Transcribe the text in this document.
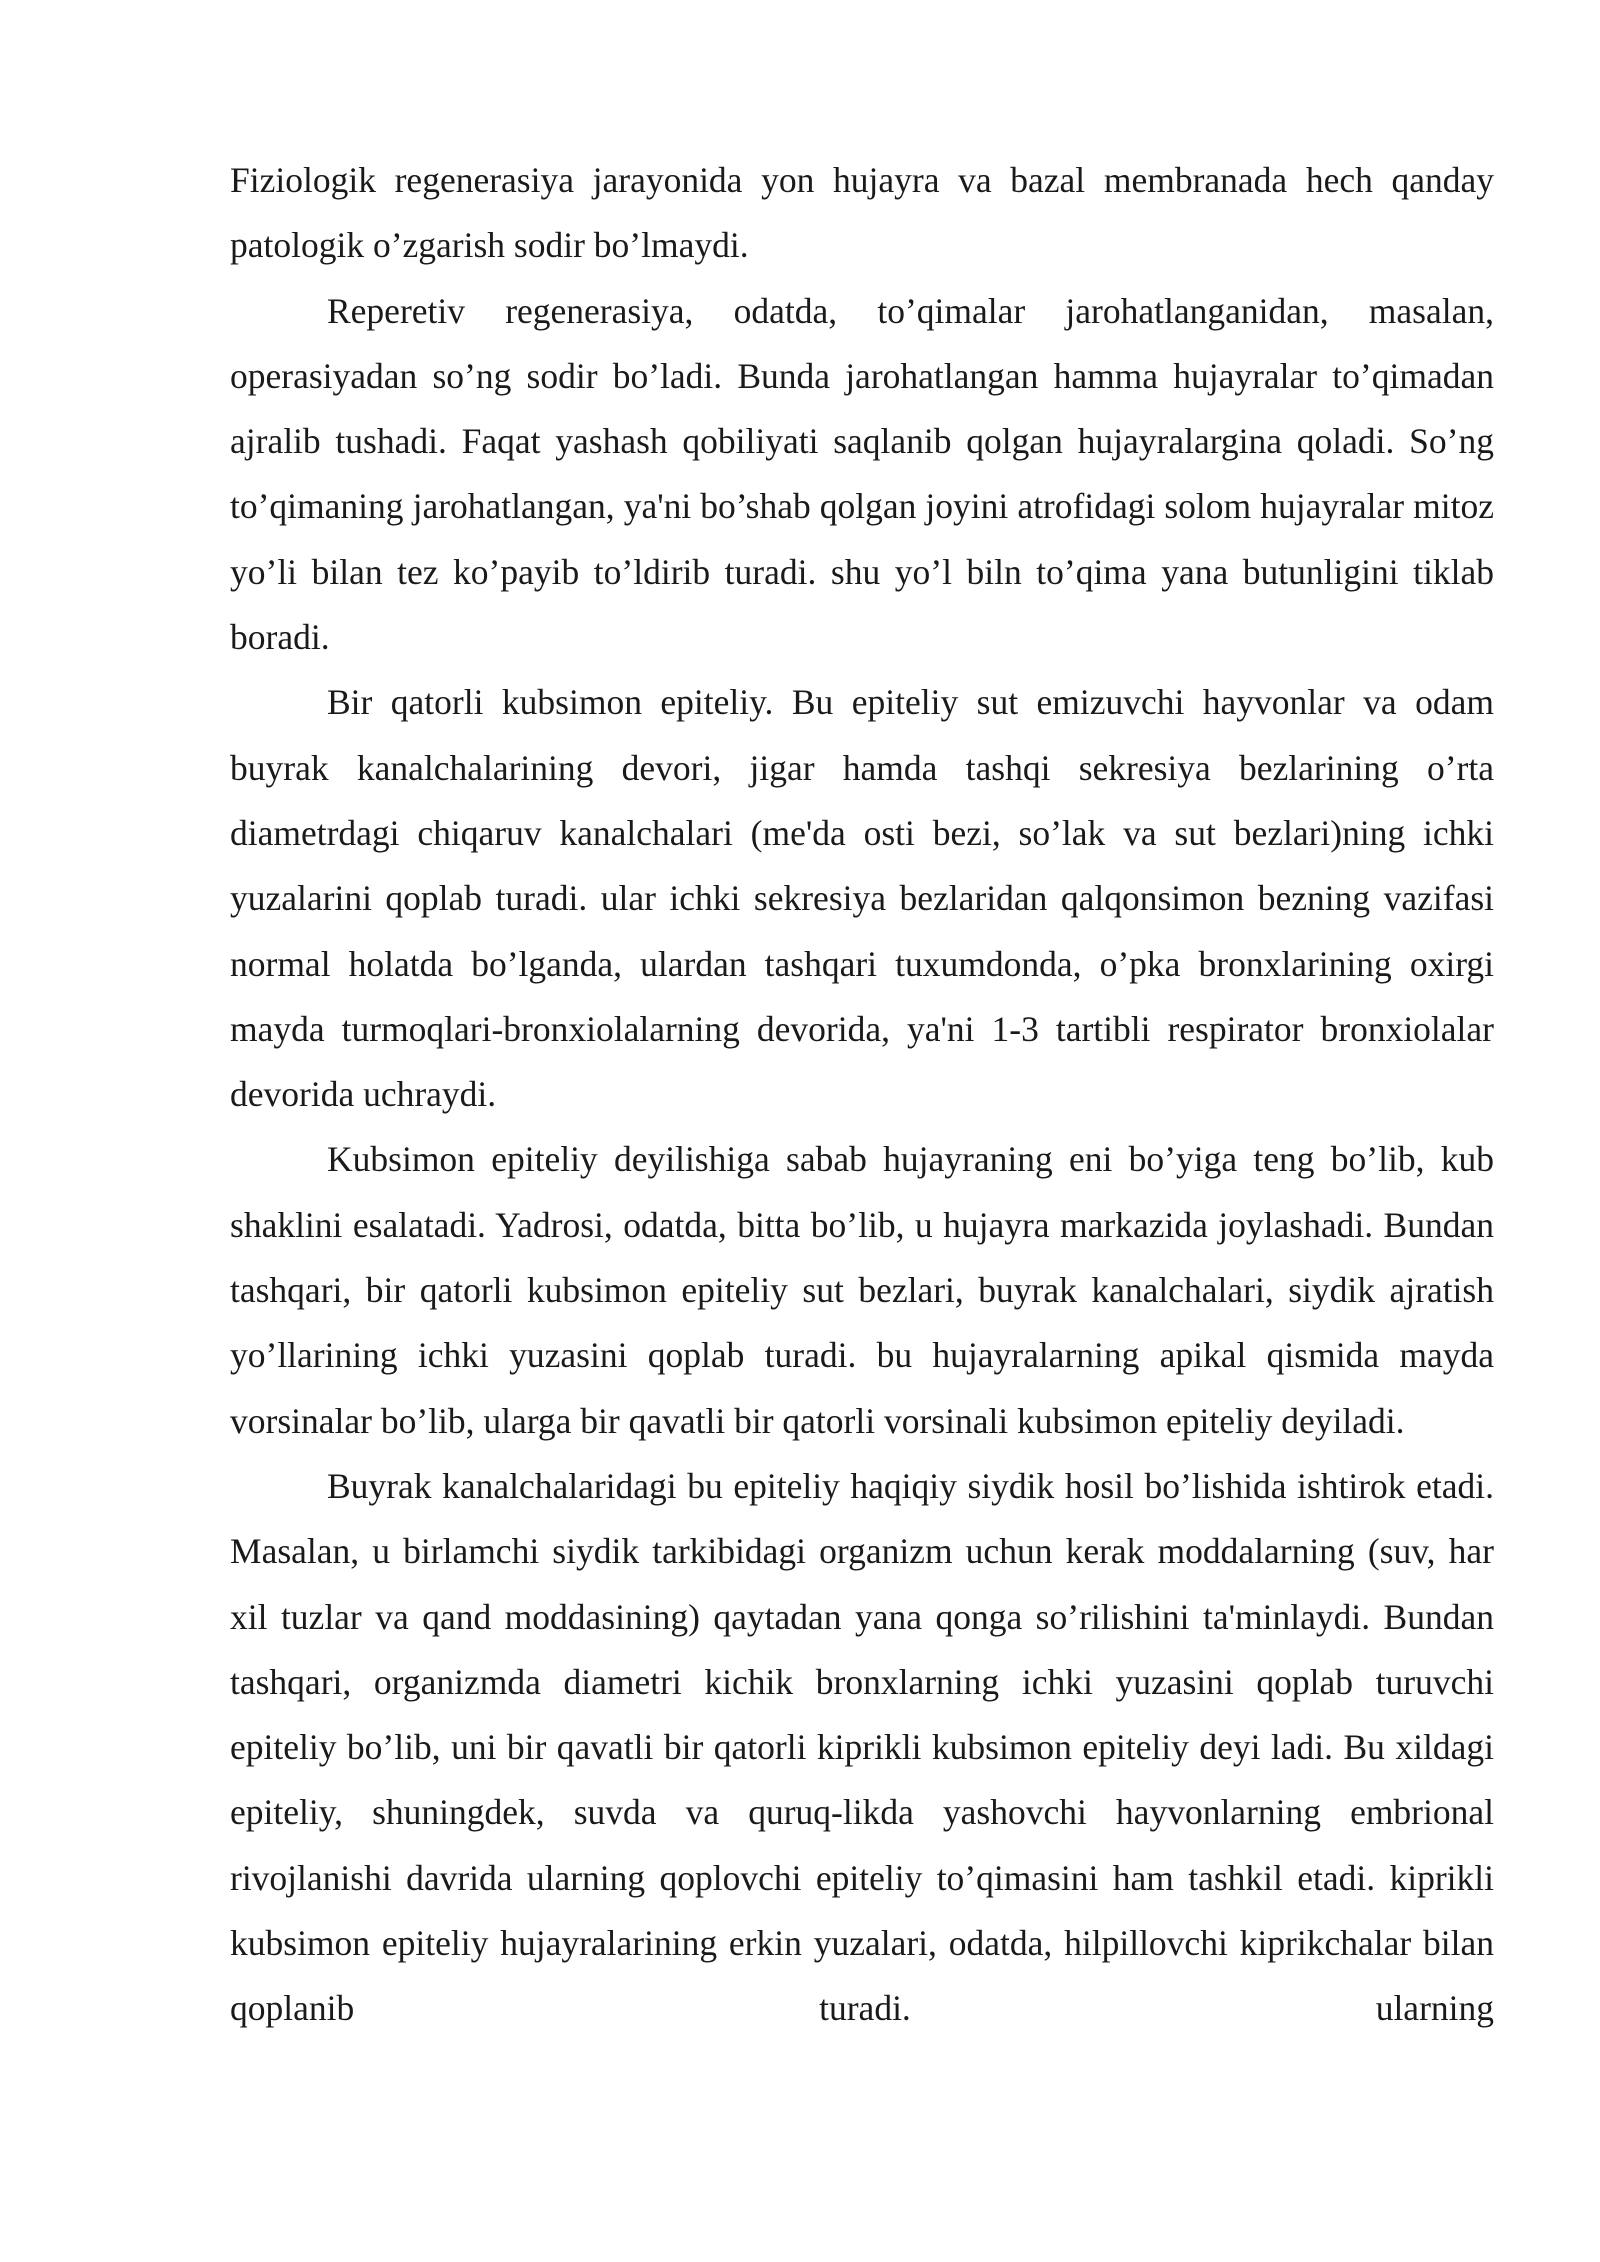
Fiziologik regenerasiya jarayonida yon hujayra va bazal membranada hech qanday patologik o’zgarish sodir bo’lmaydi.

Reperetiv regenerasiya, odatda, to’qimalar jarohatlanganidan, masalan, operasiyadan so’ng sodir bo’ladi. Bunda jarohatlangan hamma hujayralar to’qimadan ajralib tushadi. Faqat yashash qobiliyati saqlanib qolgan hujayralargina qoladi. So’ng to’qimaning jarohatlangan, ya'ni bo’shab qolgan joyini atrofidagi solom hujayralar mitoz yo’li bilan tez ko’payib to’ldirib turadi. shu yo’l biln to’qima yana butunligini tiklab boradi.

Bir qatorli kubsimon epiteliy. Bu epiteliy sut emizuvchi hayvonlar va odam buyrak kanalchalarining devori, jigar hamda tashqi sekresiya bezlarining o’rta diametrdagi chiqaruv kanalchalari (me'da osti bezi, so’lak va sut bezlari)ning ichki yuzalarini qoplab turadi. ular ichki sekresiya bezlaridan qalqonsimon bezning vazifasi normal holatda bo’lganda, ulardan tashqari tuxumdonda, o’pka bronxlarining oxirgi mayda turmoqlari-bronxiolalarning devorida, ya'ni 1-3 tartibli respirator bronxiolalar devorida uchraydi.

Kubsimon epiteliy deyilishiga sabab hujayraning eni bo’yiga teng bo’lib, kub shaklini esalatadi. Yadrosi, odatda, bitta bo’lib, u hujayra markazida joylashadi. Bundan tashqari, bir qatorli kubsimon epiteliy sut bezlari, buyrak kanalchalari, siydik ajratish yo’llarining ichki yuzasini qoplab turadi. bu hujayralarning apikal qismida mayda vorsinalar bo’lib, ularga bir qavatli bir qatorli vorsinali kubsimon epiteliy deyiladi.

Buyrak kanalchalaridagi bu epiteliy haqiqiy siydik hosil bo’lishida ishtirok etadi. Masalan, u birlamchi siydik tarkibidagi organizm uchun kerak moddalarning (suv, har xil tuzlar va qand moddasining) qaytadan yana qonga so’rilishini ta'minlaydi. Bundan tashqari, organizmda diametri kichik bronxlarning ichki yuzasini qoplab turuvchi epiteliy bo’lib, uni bir qavatli bir qatorli kiprikli kubsimon epiteliy deyi ladi. Bu xildagi epiteliy, shuningdek, suvda va quruq-likda yashovchi hayvonlarning embrional rivojlanishi davrida ularning qoplovchi epiteliy to’qimasini ham tashkil etadi. kiprikli kubsimon epiteliy hujayralarining erkin yuzalari, odatda, hilpillovchi kiprikchalar bilan qoplanib turadi. ularning
